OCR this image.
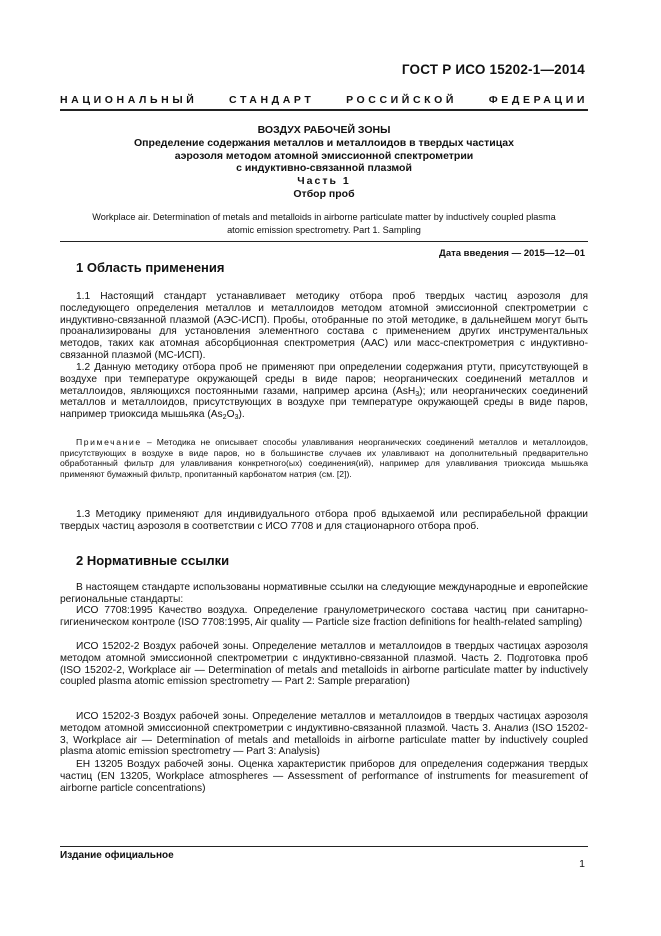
ГОСТ Р ИСО 15202-1—2014
НАЦИОНАЛЬНЫЙ СТАНДАРТ РОССИЙСКОЙ ФЕДЕРАЦИИ
ВОЗДУХ РАБОЧЕЙ ЗОНЫ
Определение содержания металлов и металлоидов в твердых частицах
аэрозоля методом атомной эмиссионной спектрометрии
с индуктивно-связанной плазмой
Часть 1
Отбор проб
Workplace air. Determination of metals and metalloids in airborne particulate matter by inductively coupled plasma
atomic emission spectrometry. Part 1. Sampling
Дата введения — 2015—12—01
1 Область применения

1.1 Настоящий стандарт устанавливает методику отбора проб твердых частиц аэрозоля для последующего определения металлов и металлоидов методом атомной эмиссионной спектрометрии с индуктивно-связанной плазмой (АЭС-ИСП). Пробы, отобранные по этой методике, в дальнейшем могут быть проанализированы для установления элементного состава с применением других инструментальных методов, таких как атомная абсорбционная спектрометрия (ААС) или масс-спектрометрия с индуктивно-связанной плазмой (МС-ИСП).

1.2 Данную методику отбора проб не применяют при определении содержания ртути, присутствующей в воздухе при температуре окружающей среды в виде паров; неорганических соединений металлов и металлоидов, являющихся постоянными газами, например арсина (AsH$_3$); или неорганических соединений металлов и металлоидов, присутствующих в воздухе при температуре окружающей среды в виде паров, например триоксида мышьяка $(As_2O_3)$.

Примечание – Методика не описывает способы улавливания неорганических соединений металлов и металлоидов, присутствующих в воздухе в виде паров, но в большинстве случаев их улавливают на дополнительный предварительно обработанный фильтр для улавливания конкретного(ых) соединения(ий), например для улавливания триоксида мышьяка применяют бумажный фильтр, пропитанный карбонатом натрия (см. [2]).

1.3 Методику применяют для индивидуального отбора проб вдыхаемой или респирабельной фракции твердых частиц аэрозоля в соответствии с ИСО 7708 и для стационарного отбора проб.

2 Нормативные ссылки

В настоящем стандарте использованы нормативные ссылки на следующие международные и европейские региональные стандарты:

ИСО 7708:1995 Качество воздуха. Определение гранулометрического состава частиц при санитарно-гигиеническом контроле (ISO 7708:1995, Air quality — Particle size fraction definitions for health-related sampling)

ИСО 15202-2 Воздух рабочей зоны. Определение металлов и металлоидов в твердых частицах аэрозоля методом атомной эмиссионной спектрометрии с индуктивно-связанной плазмой. Часть 2. Подготовка проб (ISO 15202-2, Workplace air — Determination of metals and metalloids in airborne particulate matter by inductively coupled plasma atomic emission spectrometry — Part 2: Sample preparation)

ИСО 15202-3 Воздух рабочей зоны. Определение металлов и металлоидов в твердых частицах аэрозоля методом атомной эмиссионной спектрометрии с индуктивно-связанной плазмой. Часть 3. Анализ (ISO 15202-3, Workplace air — Determination of metals and metalloids in airborne particulate matter by inductively coupled plasma atomic emission spectrometry — Part 3: Analysis)

ЕН 13205 Воздух рабочей зоны. Оценка характеристик приборов для определения содержания твердых частиц (EN 13205, Workplace atmospheres — Assessment of performance of instruments for measurement of airborne particle concentrations)

Издание официальное
1
